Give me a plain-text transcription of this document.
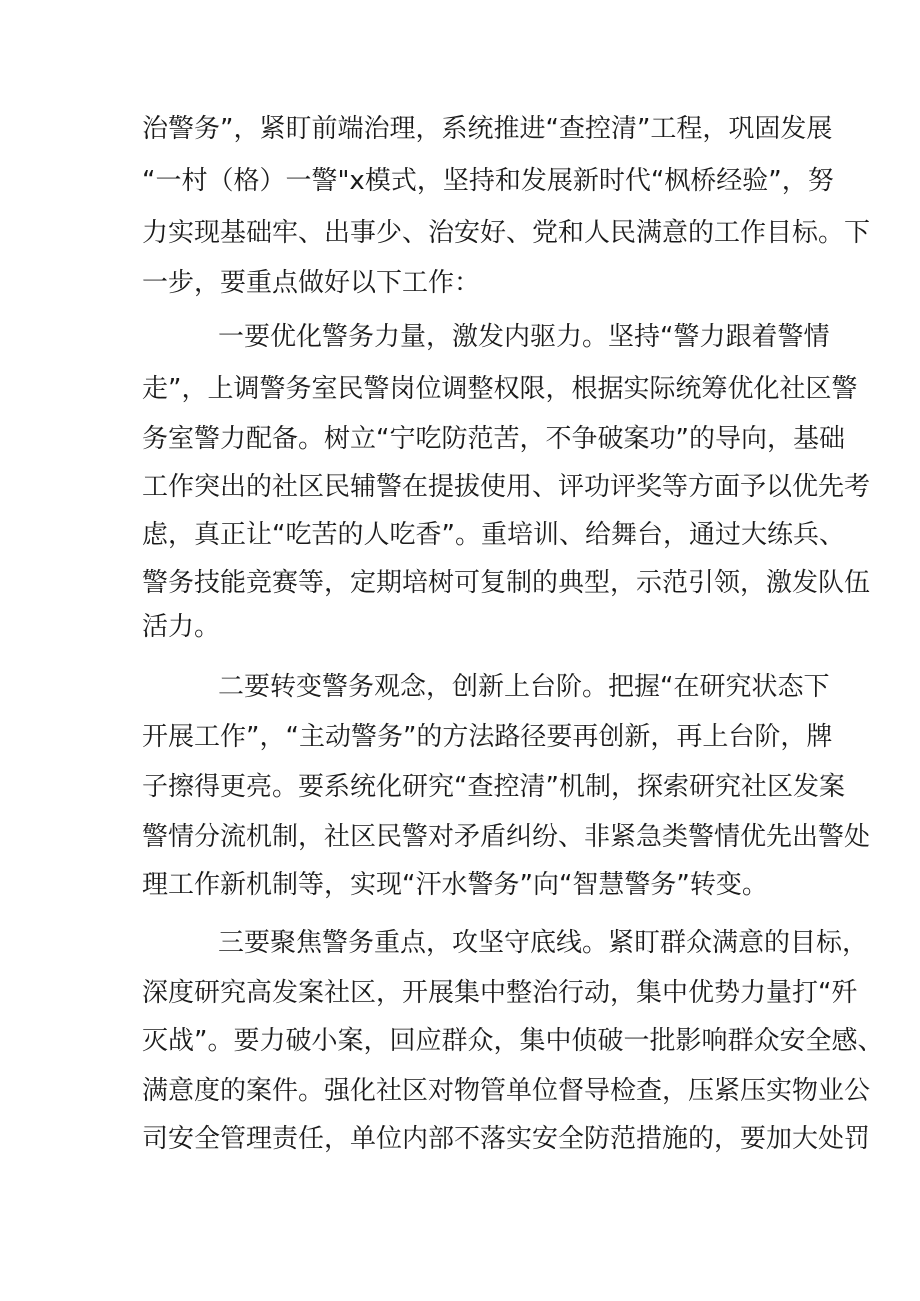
治警务”，紧盯前端治理，系统推进“查控清”工程，巩固发展
“一村（格）一警"x模式，坚持和发展新时代“枫桥经验”，努
力实现基础牢、出事少、治安好、党和人民满意的工作目标。下
一步，要重点做好以下工作：
一要优化警务力量，激发内驱力。坚持“警力跟着警情
走”，上调警务室民警岗位调整权限，根据实际统筹优化社区警
务室警力配备。树立“宁吃防范苦，不争破案功”的导向，基础
工作突出的社区民辅警在提拔使用、评功评奖等方面予以优先考
虑，真正让“吃苦的人吃香”。重培训、给舞台，通过大练兵、
警务技能竞赛等，定期培树可复制的典型，示范引领，激发队伍
活力。
二要转变警务观念，创新上台阶。把握“在研究状态下
开展工作”，“主动警务”的方法路径要再创新，再上台阶，牌
子擦得更亮。要系统化研究“查控清”机制，探索研究社区发案
警情分流机制，社区民警对矛盾纠纷、非紧急类警情优先出警处
理工作新机制等，实现“汗水警务”向“智慧警务”转变。
三要聚焦警务重点，攻坚守底线。紧盯群众满意的目标，
深度研究高发案社区，开展集中整治行动，集中优势力量打“歼
灭战”。要力破小案，回应群众，集中侦破一批影响群众安全感、
满意度的案件。强化社区对物管单位督导检查，压紧压实物业公
司安全管理责任，单位内部不落实安全防范措施的，要加大处罚
